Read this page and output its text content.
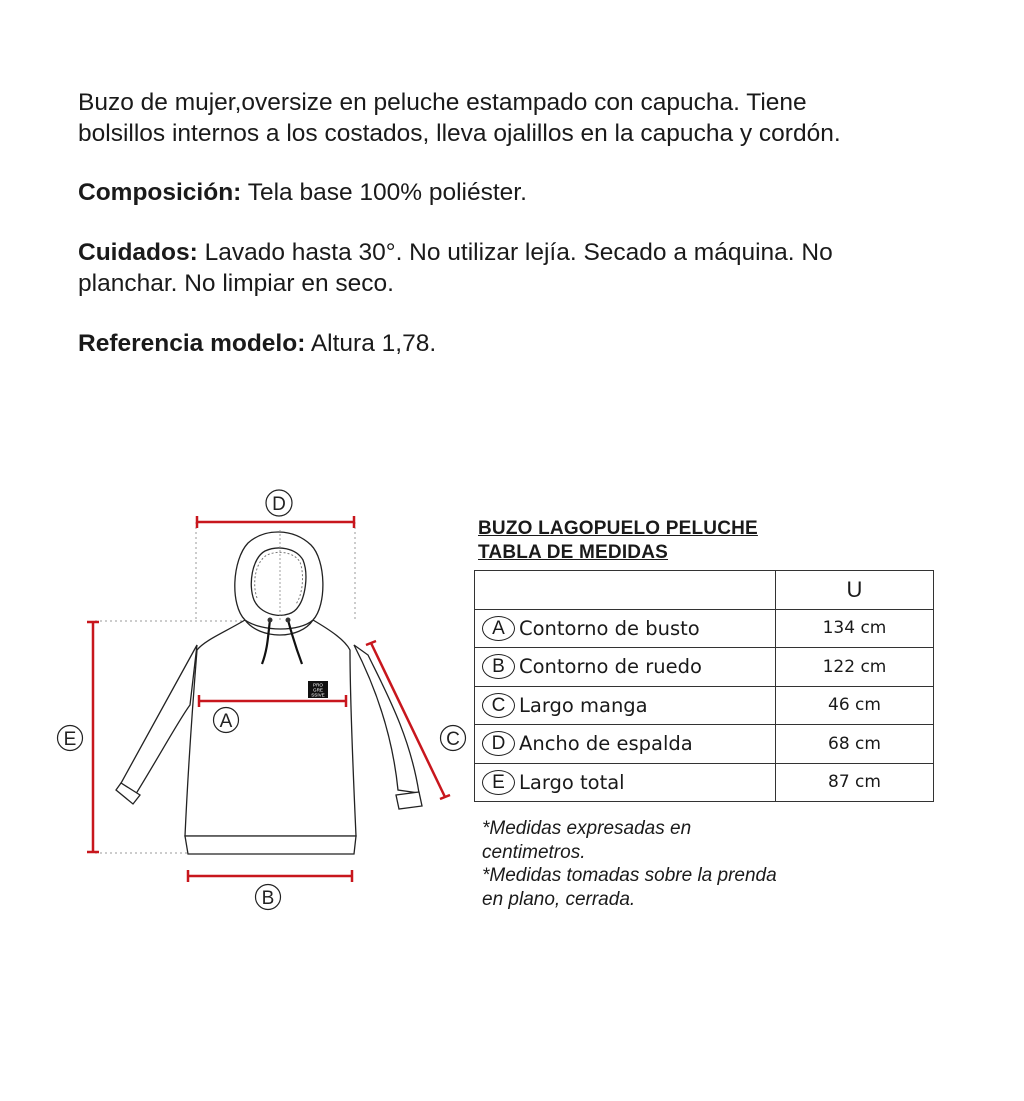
Buzo de mujer,oversize en peluche estampado con capucha. Tiene
bolsillos internos a los costados, lleva ojalillos en la capucha y cordón.

Composición: Tela base 100% poliéster.

Cuidados: Lavado hasta 30°. No utilizar lejía. Secado a máquina. No
planchar. No limpiar en seco.

Referencia modelo: Altura 1,78.

PRO
GRE
SSIVE
D
A
B
E	C
BUZO LAGOPUELO PELUCHE
TABLA DE MEDIDAS
	U
A Contorno de busto	134 cm
B Contorno de ruedo	122 cm
C Largo manga	46 cm
D Ancho de espalda	68 cm
E Largo total	87 cm
*Medidas expresadas en
centimetros.
*Medidas tomadas sobre la prenda
en plano, cerrada.
